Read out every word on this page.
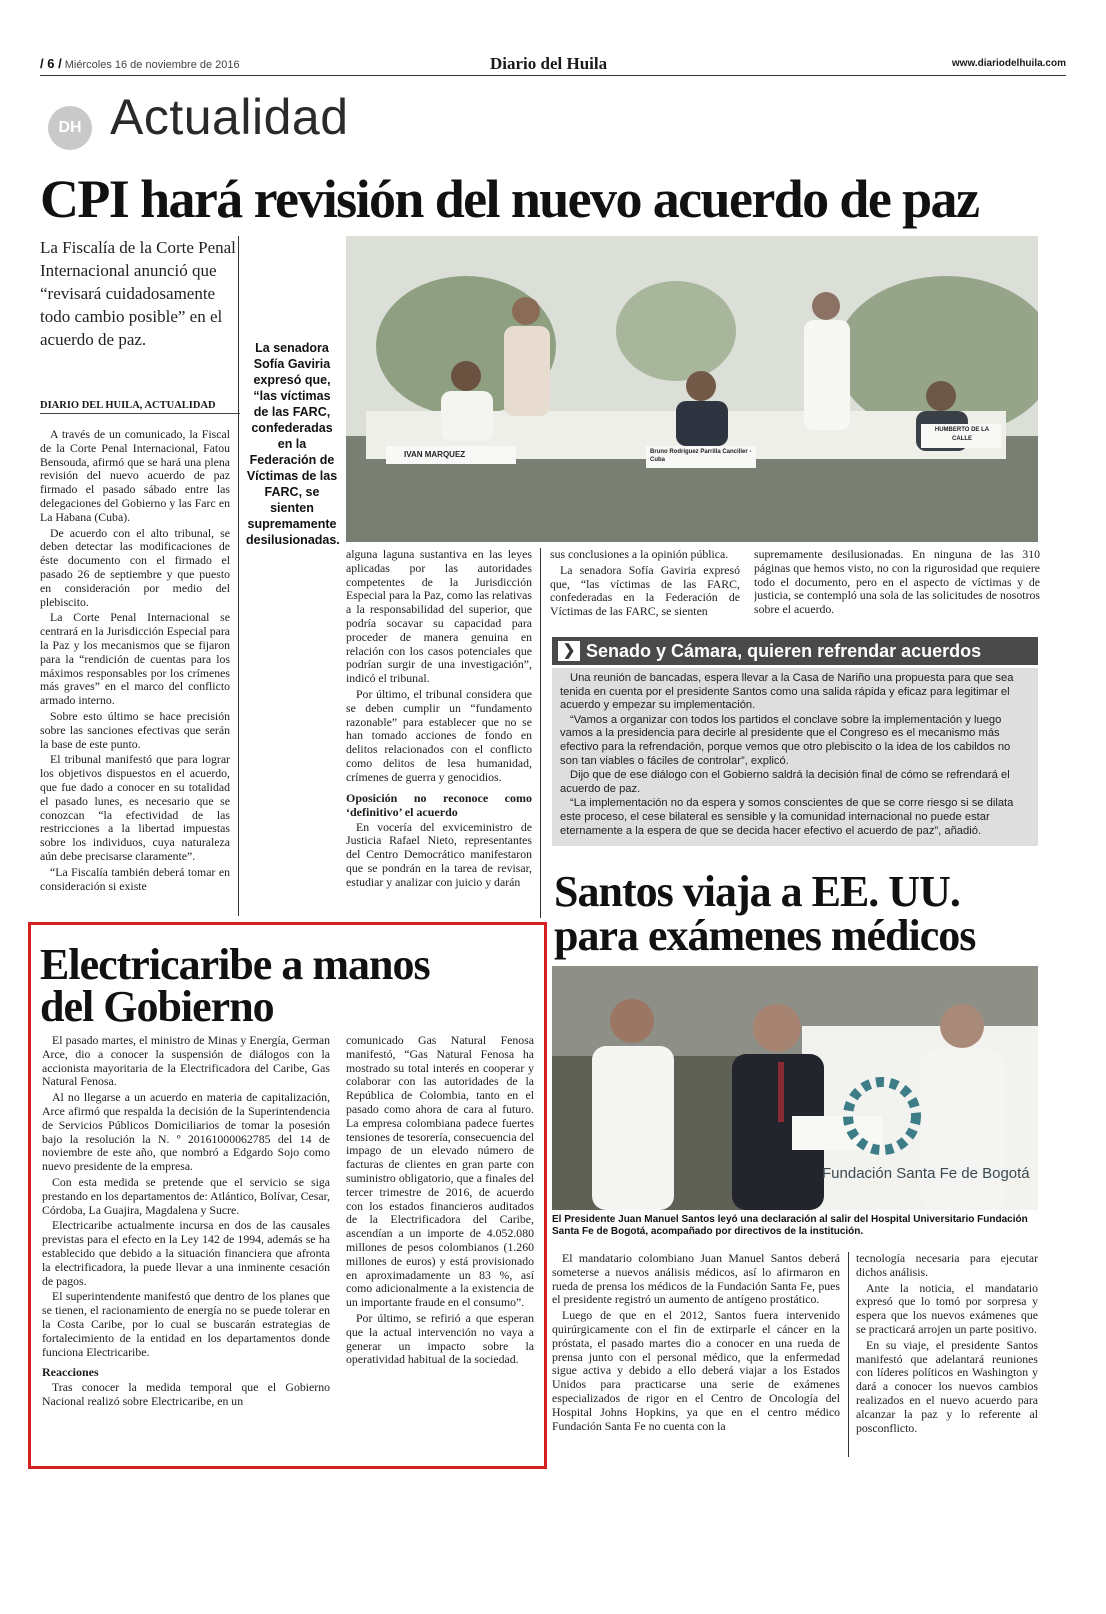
/ 6 / Miércoles 16 de noviembre de 2016	Diario del Huila	www.diariodelhuila.com
DH Actualidad
CPI hará revisión del nuevo acuerdo de paz
La Fiscalía de la Corte Penal Internacional anunció que “revisará cuidadosamente todo cambio posible” en el acuerdo de paz.
DIARIO DEL HUILA, ACTUALIDAD

A través de un comunicado, la Fiscal de la Corte Penal Internacional, Fatou Bensouda, afirmó que se hará una plena revisión del nuevo acuerdo de paz firmado el pasado sábado entre las delegaciones del Gobierno y las Farc en La Habana (Cuba).

De acuerdo con el alto tribunal, se deben detectar las modificaciones de éste documento con el firmado el pasado 26 de septiembre y que puesto en consideración por medio del plebiscito.

La Corte Penal Internacional se centrará en la Jurisdicción Especial para la Paz y los mecanismos que se fijaron para la “rendición de cuentas para los máximos responsables por los crímenes más graves” en el marco del conflicto armado interno.

Sobre esto último se hace precisión sobre las sanciones efectivas que serán la base de este punto.

El tribunal manifestó que para lograr los objetivos dispuestos en el acuerdo, que fue dado a conocer en su totalidad el pasado lunes, es necesario que se conozcan “la efectividad de las restricciones a la libertad impuestas sobre los individuos, cuya naturaleza aún debe precisarse claramente”.

“La Fiscalía también deberá tomar en consideración si existe

La senadora Sofía Gaviria expresó que, “las víctimas de las FARC, confederadas en la Federación de Víctimas de las FARC, se sienten supremamente desilusionadas.
IVAN MARQUEZ	Bruno Rodríguez Parrilla Canciller - Cuba
HUMBERTO DE LA CALLE

alguna laguna sustantiva en las leyes aplicadas por las autoridades competentes de la Jurisdicción Especial para la Paz, como las relativas a la responsabilidad del superior, que podría socavar su capacidad para proceder de manera genuina en relación con los casos potenciales que podrían surgir de una investigación”, indicó el tribunal.

Por último, el tribunal considera que se deben cumplir un “fundamento razonable” para establecer que no se han tomado acciones de fondo en delitos relacionados con el conflicto como delitos de lesa humanidad, crímenes de guerra y genocidios.

Oposición no reconoce como ‘definitivo’ el acuerdo

En vocería del exviceministro de Justicia Rafael Nieto, representantes del Centro Democrático manifestaron que se pondrán en la tarea de revisar, estudiar y analizar con juicio y darán

sus conclusiones a la opinión pública.

La senadora Sofía Gaviria expresó que, “las víctimas de las FARC, confederadas en la Federación de Víctimas de las FARC, se sienten

supremamente desilusionadas. En ninguna de las 310 páginas que hemos visto, no con la rigurosidad que requiere todo el documento, pero en el aspecto de víctimas y de justicia, se contempló una sola de las solicitudes de nosotros sobre el acuerdo.

❯ Senado y Cámara, quieren refrendar acuerdos

Una reunión de bancadas, espera llevar a la Casa de Nariño una propuesta para que sea tenida en cuenta por el presidente Santos como una salida rápida y eficaz para legitimar el acuerdo y empezar su implementación.

“Vamos a organizar con todos los partidos el conclave sobre la implementación y luego vamos a la presidencia para decirle al presidente que el Congreso es el mecanismo más efectivo para la refrendación, porque vemos que otro plebiscito o la idea de los cabildos no son tan viables o fáciles de controlar”, explicó.

Dijo que de ese diálogo con el Gobierno saldrá la decisión final de cómo se refrendará el acuerdo de paz.

“La implementación no da espera y somos conscientes de que se corre riesgo si se dilata este proceso, el cese bilateral es sensible y la comunidad internacional no puede estar eternamente a la espera de que se decida hacer efectivo el acuerdo de paz”, añadió.

Santos viaja a EE. UU.
para exámenes médicos
Fundación Santa Fe de Bogotá
El Presidente Juan Manuel Santos leyó una declaración al salir del Hospital Universitario Fundación Santa Fe de Bogotá, acompañado por directivos de la institución.

El mandatario colombiano Juan Manuel Santos deberá someterse a nuevos análisis médicos, así lo afirmaron en rueda de prensa los médicos de la Fundación Santa Fe, pues el presidente registró un aumento de antígeno prostático.

Luego de que en el 2012, Santos fuera intervenido quirúrgicamente con el fin de extirparle el cáncer en la próstata, el pasado martes dio a conocer en una rueda de prensa junto con el personal médico, que la enfermedad sigue activa y debido a ello deberá viajar a los Estados Unidos para practicarse una serie de exámenes especializados de rigor en el Centro de Oncología del Hospital Johns Hopkins, ya que en el centro médico Fundación Santa Fe no cuenta con la

tecnología necesaria para ejecutar dichos análisis.

Ante la noticia, el mandatario expresó que lo tomó por sorpresa y espera que los nuevos exámenes que se practicará arrojen un parte positivo.

En su viaje, el presidente Santos manifestó que adelantará reuniones con líderes políticos en Washington y dará a conocer los nuevos cambios realizados en el nuevo acuerdo para alcanzar la paz y lo referente al posconflicto.

Electricaribe a manos
del Gobierno

El pasado martes, el ministro de Minas y Energía, German Arce, dio a conocer la suspensión de diálogos con la accionista mayoritaria de la Electrificadora del Caribe, Gas Natural Fenosa.

Al no llegarse a un acuerdo en materia de capitalización, Arce afirmó que respalda la decisión de la Superintendencia de Servicios Públicos Domiciliarios de tomar la posesión bajo la resolución la N. º 20161000062785 del 14 de noviembre de este año, que nombró a Edgardo Sojo como nuevo presidente de la empresa.

Con esta medida se pretende que el servicio se siga prestando en los departamentos de: Atlántico, Bolívar, Cesar, Córdoba, La Guajira, Magdalena y Sucre.

Electricaribe actualmente incursa en dos de las causales previstas para el efecto en la Ley 142 de 1994, además se ha establecido que debido a la situación financiera que afronta la electrificadora, la puede llevar a una inminente cesación de pagos.

El superintendente manifestó que dentro de los planes que se tienen, el racionamiento de energía no se puede tolerar en la Costa Caribe, por lo cual se buscarán estrategias de fortalecimiento de la entidad en los departamentos donde funciona Electricaribe.

Reacciones

Tras conocer la medida temporal que el Gobierno Nacional realizó sobre Electricaribe, en un

comunicado Gas Natural Fenosa manifestó, “Gas Natural Fenosa ha mostrado su total interés en cooperar y colaborar con las autoridades de la República de Colombia, tanto en el pasado como ahora de cara al futuro. La empresa colombiana padece fuertes tensiones de tesorería, consecuencia del impago de un elevado número de facturas de clientes en gran parte con suministro obligatorio, que a finales del tercer trimestre de 2016, de acuerdo con los estados financieros auditados de la Electrificadora del Caribe, ascendían a un importe de 4.052.080 millones de pesos colombianos (1.260 millones de euros) y está provisionado en aproximadamente un 83 %, así como adicionalmente a la existencia de un importante fraude en el consumo”.

Por último, se refirió a que esperan que la actual intervención no vaya a generar un impacto sobre la operatividad habitual de la sociedad.
